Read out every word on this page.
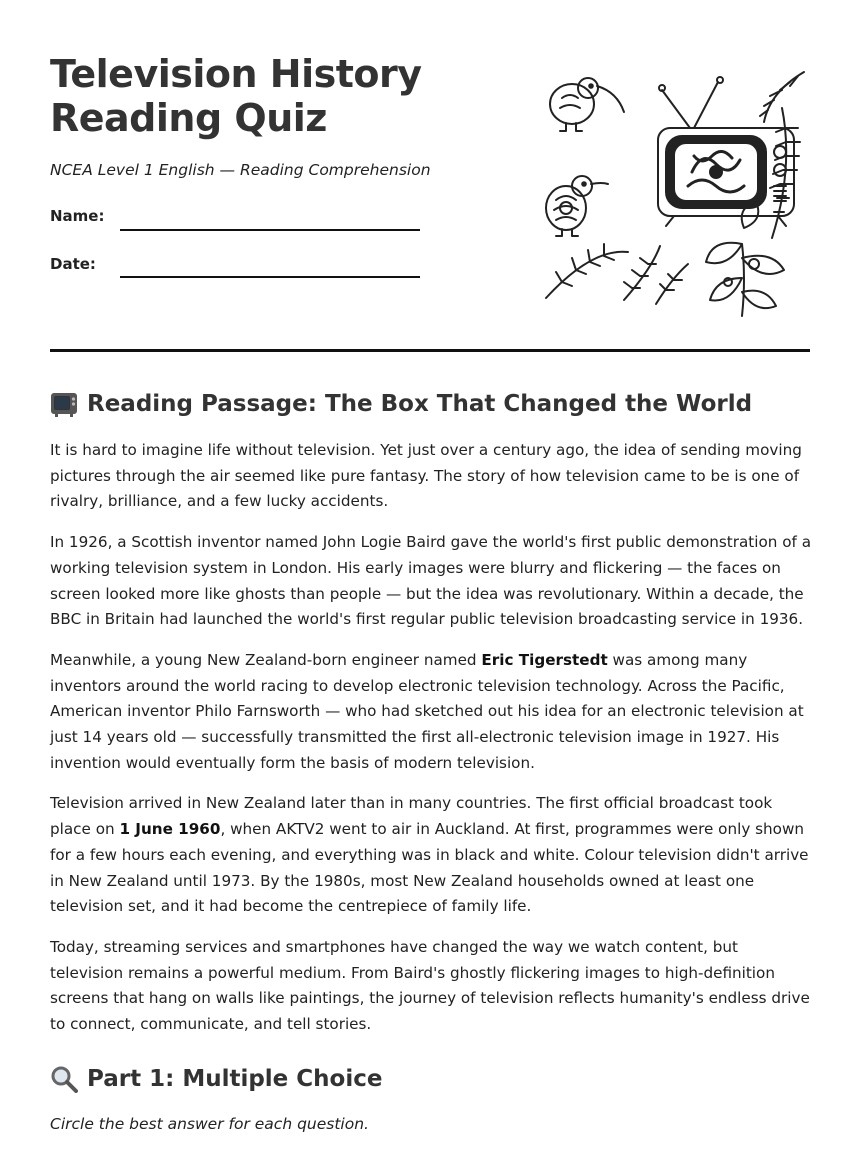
Television History
Reading Quiz
NCEA Level 1 English — Reading Comprehension
Name:
Date:
Reading Passage: The Box That Changed the World

It is hard to imagine life without television. Yet just over a century ago, the idea of sending moving pictures through the air seemed like pure fantasy. The story of how television came to be is one of rivalry, brilliance, and a few lucky accidents.

In 1926, a Scottish inventor named John Logie Baird gave the world's first public demonstration of a working television system in London. His early images were blurry and flickering — the faces on screen looked more like ghosts than people — but the idea was revolutionary. Within a decade, the BBC in Britain had launched the world's first regular public television broadcasting service in 1936.

Meanwhile, a young New Zealand-born engineer named Eric Tigerstedt was among many inventors around the world racing to develop electronic television technology. Across the Pacific, American inventor Philo Farnsworth — who had sketched out his idea for an electronic television at just 14 years old — successfully transmitted the first all-electronic television image in 1927. His invention would eventually form the basis of modern television.

Television arrived in New Zealand later than in many countries. The first official broadcast took place on 1 June 1960, when AKTV2 went to air in Auckland. At first, programmes were only shown for a few hours each evening, and everything was in black and white. Colour television didn't arrive in New Zealand until 1973. By the 1980s, most New Zealand households owned at least one television set, and it had become the centrepiece of family life.

Today, streaming services and smartphones have changed the way we watch content, but television remains a powerful medium. From Baird's ghostly flickering images to high-definition screens that hang on walls like paintings, the journey of television reflects humanity's endless drive to connect, communicate, and tell stories.

Part 1: Multiple Choice
Circle the best answer for each question.
